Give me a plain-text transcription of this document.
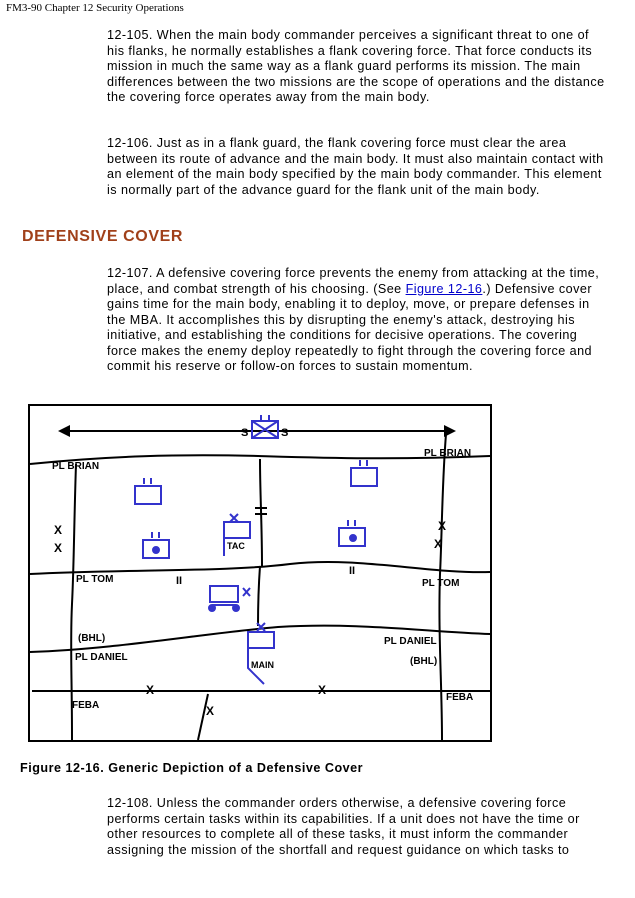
FM3-90 Chapter 12 Security Operations

12-105. When the main body commander perceives a significant threat to one of his flanks, he normally establishes a flank covering force. That force conducts its mission in much the same way as a flank guard performs its mission. The main differences between the two missions are the scope of operations and the distance the covering force operates away from the main body.

12-106. Just as in a flank guard, the flank covering force must clear the area between its route of advance and the main body. It must also maintain contact with an element of the main body specified by the main body commander. This element is normally part of the advance guard for the flank unit of the main body.

DEFENSIVE COVER

12-107. A defensive covering force prevents the enemy from attacking at the time, place, and combat strength of his choosing. (See Figure 12-16.) Defensive cover gains time for the main body, enabling it to deploy, move, or prepare defenses in the MBA. It accomplishes this by disrupting the enemy's attack, destroying his initiative, and establishing the conditions for decisive operations. The covering force makes the enemy deploy repeatedly to fight through the covering force and commit his reserve or follow-on forces to sustain momentum.

S	S
X
X
X
X
X	X
X
II
II
PL BRIAN
PL BRIAN
PL TOM	PL TOM
(BHL)
PL DANIEL
PL DANIEL
(BHL)
FEBA
FEBA
TAC
MAIN
Figure 12-16. Generic Depiction of a Defensive Cover

12-108. Unless the commander orders otherwise, a defensive covering force performs certain tasks within its capabilities. If a unit does not have the time or other resources to complete all of these tasks, it must inform the commander assigning the mission of the shortfall and request guidance on which tasks to
